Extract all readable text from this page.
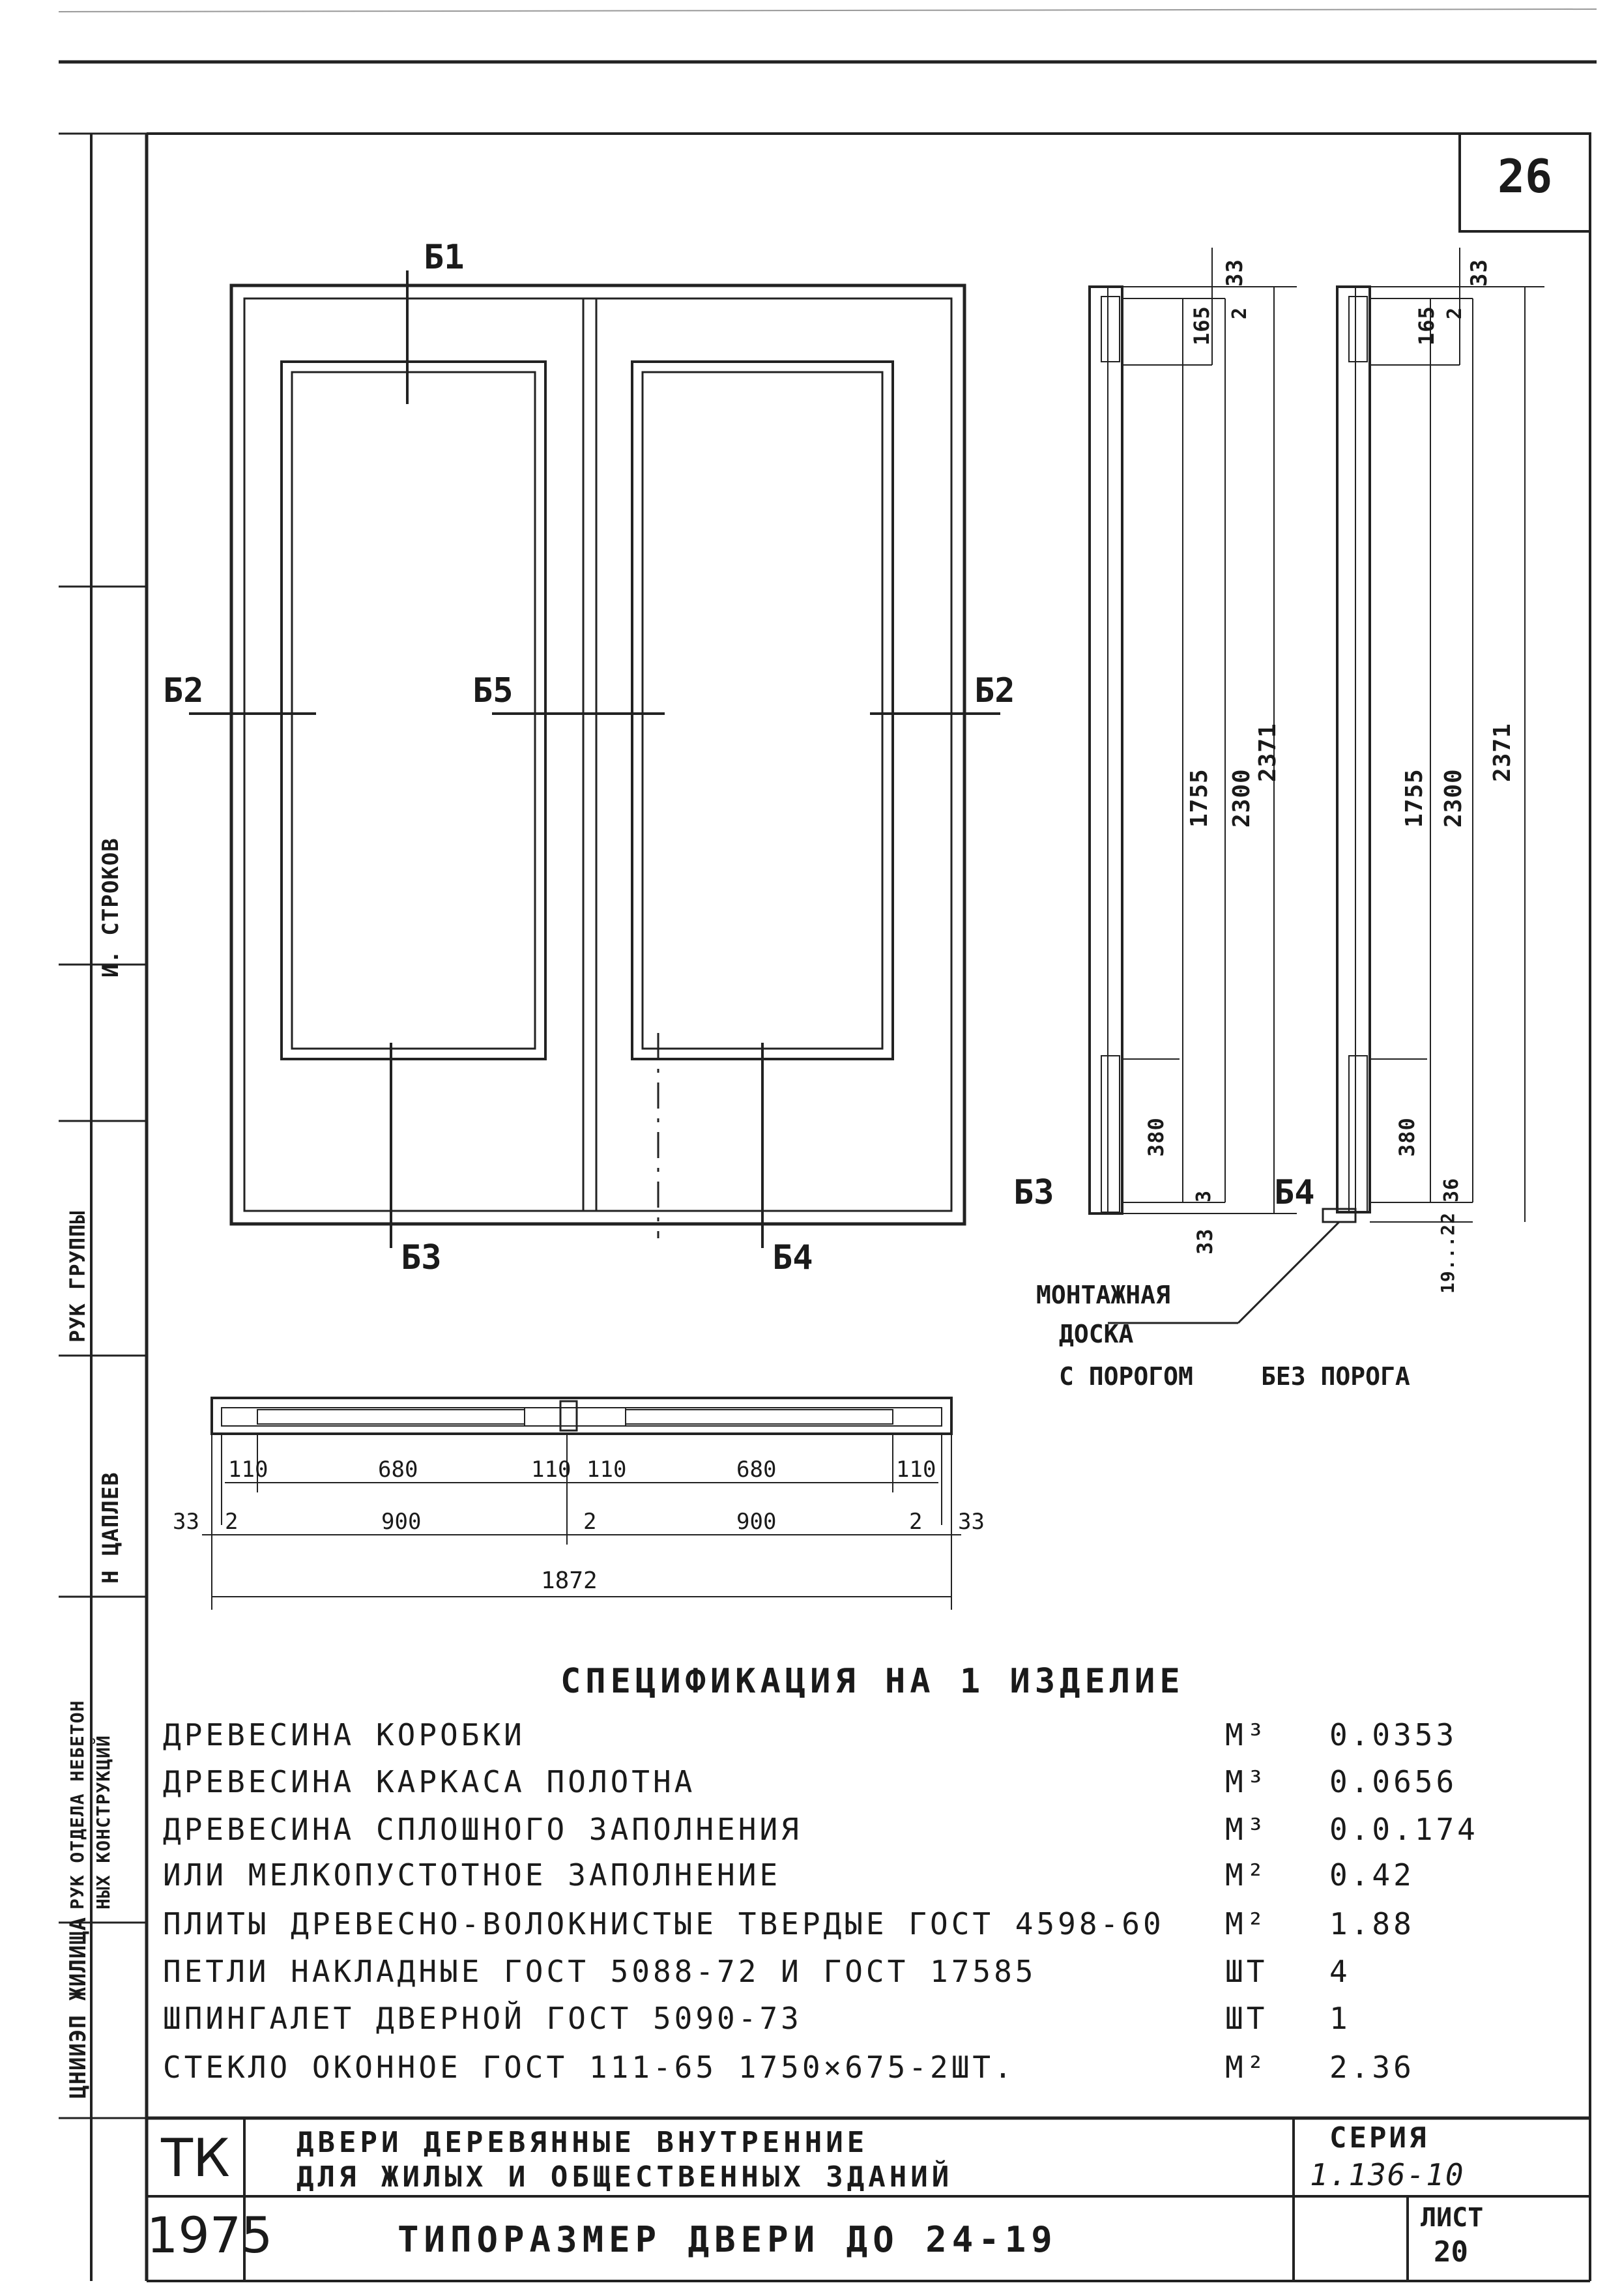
26
Б1
Б2	Б5	Б2
Б3	Б4
Б3
33
165 2
1755 2300
2371
380
3
33
Б4
33
165 2
1755 2300
2371
380
36
19...22
МОНТАЖНАЯ
ДОСКА
С ПОРОГОМ	БЕЗ ПОРОГА
110	680	110 110	680	110
33 2	900	2	900	2 33
1872
СПЕЦИФИКАЦИЯ НА 1 ИЗДЕЛИЕ
ДРЕВЕСИНА КОРОБКИ	М³ 0.0353
ДРЕВЕСИНА КАРКАСА ПОЛОТНА	М³ 0.0656
ДРЕВЕСИНА СПЛОШНОГО ЗАПОЛНЕНИЯ	М³ 0.0.174
ИЛИ МЕЛКОПУСТОТНОЕ ЗАПОЛНЕНИЕ	М² 0.42
ПЛИТЫ ДРЕВЕСНО-ВОЛОКНИСТЫЕ ТВЕРДЫЕ ГОСТ 4598-60 М² 1.88
ПЕТЛИ НАКЛАДНЫЕ ГОСТ 5088-72 И ГОСТ 17585	ШТ 4
ШПИНГАЛЕТ ДВЕРНОЙ ГОСТ 5090-73	ШТ 1
СТЕКЛО ОКОННОЕ ГОСТ 111-65 1750×675-2ШТ.	М² 2.36
ТК
1975
ДВЕРИ ДЕРЕВЯННЫЕ ВНУТРЕННИЕ
ДЛЯ ЖИЛЫХ И ОБЩЕСТВЕННЫХ ЗДАНИЙ
ТИПОРАЗМЕР ДВЕРИ ДО 24-19
СЕРИЯ
1.136-10
ЛИСТ
20
ЦНИИЭП ЖИЛИЩА
РУК ОТДЕЛА НЕБЕТОН НЫХ КОНСТРУКЦИЙ
Н ЦАПЛЕВ
РУК ГРУППЫ
И. СТРОКОВ
